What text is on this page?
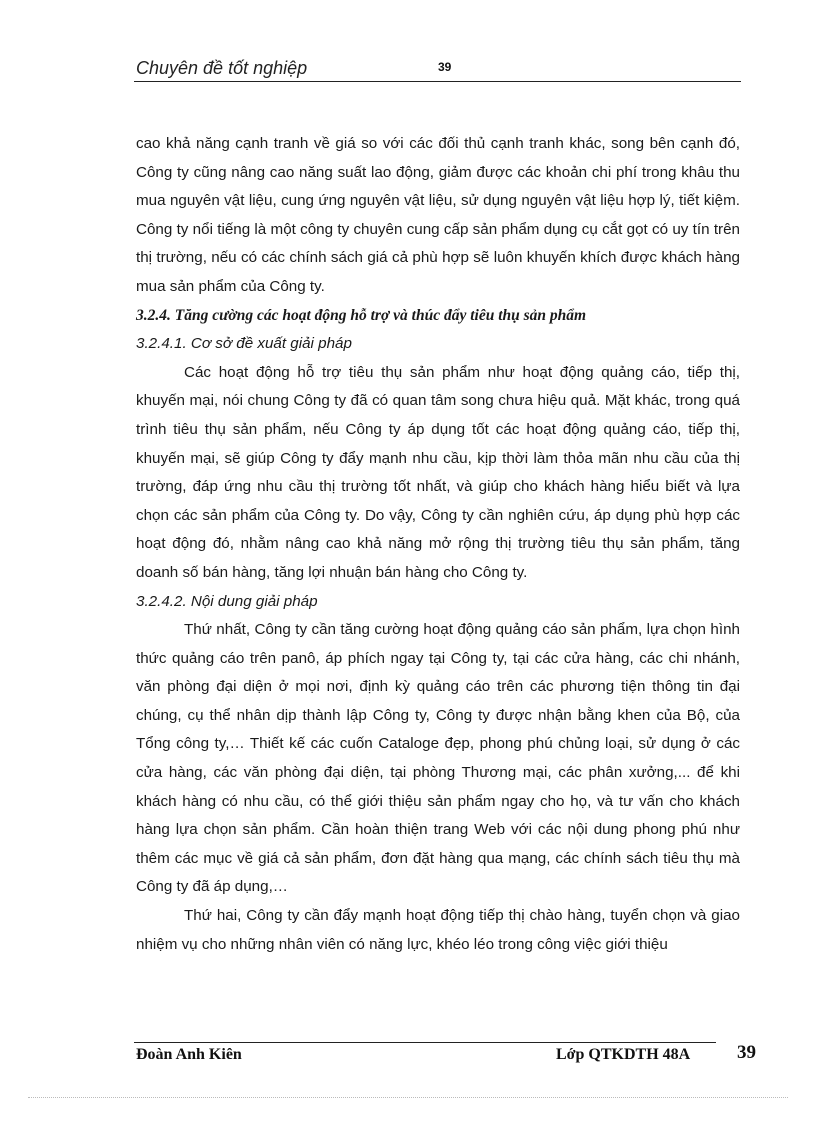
Chuyên đề tốt nghiệp	39

cao khả năng cạnh tranh về giá so với các đối thủ cạnh tranh khác, song bên cạnh đó, Công ty cũng nâng cao năng suất lao động, giảm được các khoản chi phí trong khâu thu mua nguyên vật liệu, cung ứng nguyên vật liệu, sử dụng nguyên vật liệu hợp lý, tiết kiệm. Công ty nổi tiếng là một công ty chuyên cung cấp sản phẩm dụng cụ cắt gọt có uy tín trên thị trường, nếu có các chính sách giá cả phù hợp sẽ luôn khuyến khích được khách hàng mua sản phẩm của Công ty.

3.2.4. Tăng cường các hoạt động hỗ trợ và thúc đẩy tiêu thụ sản phẩm

3.2.4.1. Cơ sở đề xuất giải pháp

Các hoạt động hỗ trợ tiêu thụ sản phẩm như hoạt động quảng cáo, tiếp thị, khuyến mại, nói chung Công ty đã có quan tâm song chưa hiệu quả. Mặt khác, trong quá trình tiêu thụ sản phẩm, nếu Công ty áp dụng tốt các hoạt động quảng cáo, tiếp thị, khuyến mại, sẽ giúp Công ty đẩy mạnh nhu cầu, kịp thời làm thỏa mãn nhu cầu của thị trường, đáp ứng nhu cầu thị trường tốt nhất, và giúp cho khách hàng hiểu biết và lựa chọn các sản phẩm của Công ty. Do vậy, Công ty cần nghiên cứu, áp dụng phù hợp các hoạt động đó, nhằm nâng cao khả năng mở rộng thị trường tiêu thụ sản phẩm, tăng doanh số bán hàng, tăng lợi nhuận bán hàng cho Công ty.

3.2.4.2. Nội dung giải pháp

Thứ nhất, Công ty cần tăng cường hoạt động quảng cáo sản phẩm, lựa chọn hình thức quảng cáo trên panô, áp phích ngay tại Công ty, tại các cửa hàng, các chi nhánh, văn phòng đại diện ở mọi nơi, định kỳ quảng cáo trên các phương tiện thông tin đại chúng, cụ thể nhân dịp thành lập Công ty, Công ty được nhận bằng khen của Bộ, của Tổng công ty,… Thiết kế các cuốn Cataloge đẹp, phong phú chủng loại, sử dụng ở các cửa hàng, các văn phòng đại diện, tại phòng Thương mại, các phân xưởng,... để khi khách hàng có nhu cầu, có thể giới thiệu sản phẩm ngay cho họ, và tư vấn cho khách hàng lựa chọn sản phẩm. Cần hoàn thiện trang Web với các nội dung phong phú như thêm các mục về giá cả sản phẩm, đơn đặt hàng qua mạng, các chính sách tiêu thụ mà Công ty đã áp dụng,…

Thứ hai, Công ty cần đẩy mạnh hoạt động tiếp thị chào hàng, tuyển chọn và giao nhiệm vụ cho những nhân viên có năng lực, khéo léo trong công việc giới thiệu

Đoàn Anh Kiên	Lớp QTKDTH 48A 39
